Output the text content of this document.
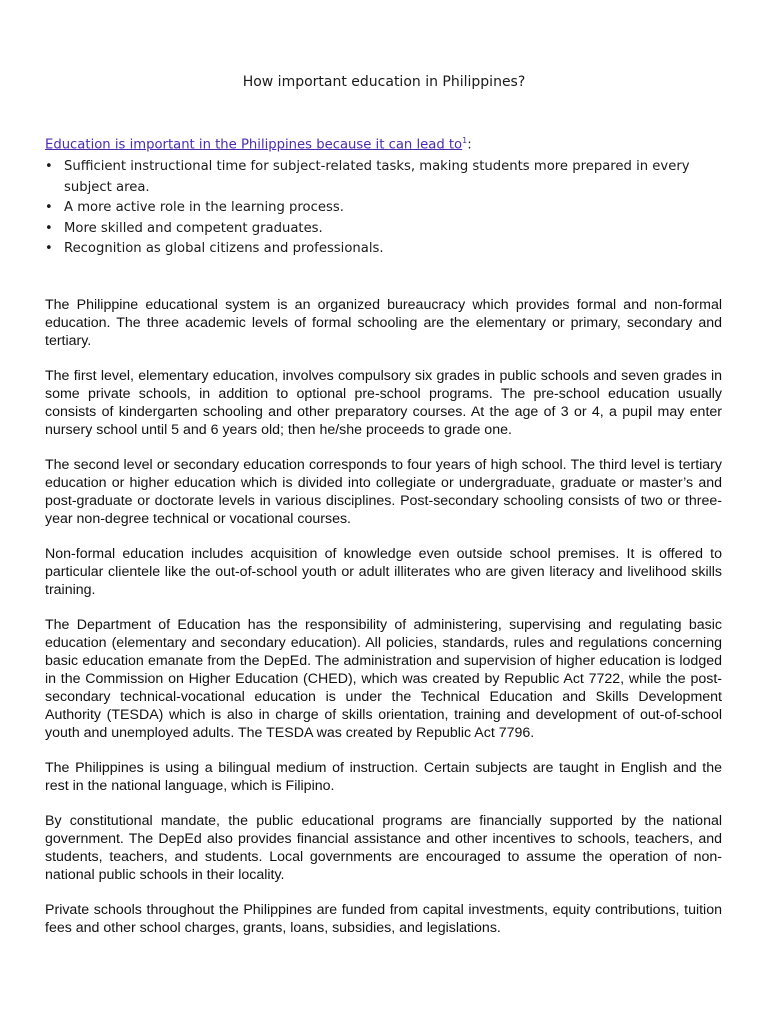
How important education in Philippines?

Education is important in the Philippines because it can lead $to^1$:

• Sufficient instructional time for subject-related tasks, making students more prepared in every subject area.
• A more active role in the learning process.
• More skilled and competent graduates.
• Recognition as global citizens and professionals.

The Philippine educational system is an organized bureaucracy which provides formal and non-formal education. The three academic levels of formal schooling are the elementary or primary, secondary and tertiary.

The first level, elementary education, involves compulsory six grades in public schools and seven grades in some private schools, in addition to optional pre-school programs. The pre-school education usually consists of kindergarten schooling and other preparatory courses. At the age of 3 or 4, a pupil may enter nursery school until 5 and 6 years old; then he/she proceeds to grade one.

The second level or secondary education corresponds to four years of high school. The third level is tertiary education or higher education which is divided into collegiate or undergraduate, graduate or master’s and post-graduate or doctorate levels in various disciplines. Post-secondary schooling consists of two or three-year non-degree technical or vocational courses.

Non-formal education includes acquisition of knowledge even outside school premises. It is offered to particular clientele like the out-of-school youth or adult illiterates who are given literacy and livelihood skills training.

The Department of Education has the responsibility of administering, supervising and regulating basic education (elementary and secondary education). All policies, standards, rules and regulations concerning basic education emanate from the DepEd. The administration and supervision of higher education is lodged in the Commission on Higher Education (CHED), which was created by Republic Act 7722, while the post-secondary technical-vocational education is under the Technical Education and Skills Development Authority (TESDA) which is also in charge of skills orientation, training and development of out-of-school youth and unemployed adults. The TESDA was created by Republic Act 7796.

The Philippines is using a bilingual medium of instruction. Certain subjects are taught in English and the rest in the national language, which is Filipino.

By constitutional mandate, the public educational programs are financially supported by the national government. The DepEd also provides financial assistance and other incentives to schools, teachers, and students, teachers, and students. Local governments are encouraged to assume the operation of non-national public schools in their locality.

Private schools throughout the Philippines are funded from capital investments, equity contributions, tuition fees and other school charges, grants, loans, subsidies, and legislations.
